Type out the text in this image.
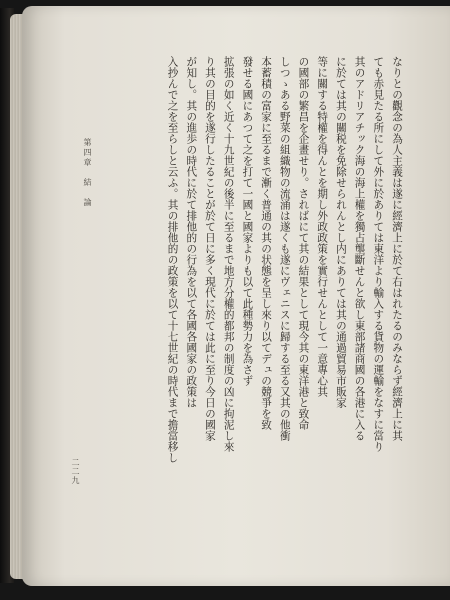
なりとの觀念の為人主義は遂に經濟上に於て右はれたるのみならず經濟上に其

ても赤見たる所にして外に於ありては東洋より輸入する貨物の運輸をなすに當り

其のアドリアチック海の海上權を獨占壟斷せんと欲し東部諸商國の各港に入る

に於ては其の關税を免除せられんとし内にありては其の通過貿易市販家

等に關する特權を得んとを期し外政政策を實行せんとして一意專心其

の國部の繁昌を企畫せり。さればにて其の結果として現今其の東洋港と致命

しつゝある野菜の組織物の流涌は遂くも遂にヴェニスに歸する至る又其の他衝

本蓄積の富家に至るまで漸く普通の其の状態を呈し來り以てデュの競爭を致

發せる國にあつて之を打て一國と國家よりも以て此種勢力を為さず

拡張の如く近く十九世紀の後半に至るまで地方分權的都邦の制度の凶に拘泥し來

り其の目的を遂行したることが於て日に多く現代に於ては此に至り今日の國家

が知し。其の進歩の時代に於て排他的の行為を以て各國各國家の政策は

入抄んで之を至らしと云ふ。其の排他的の政策を以て十七世紀の時代まで擔當移し

第四章　結　論
二二九
